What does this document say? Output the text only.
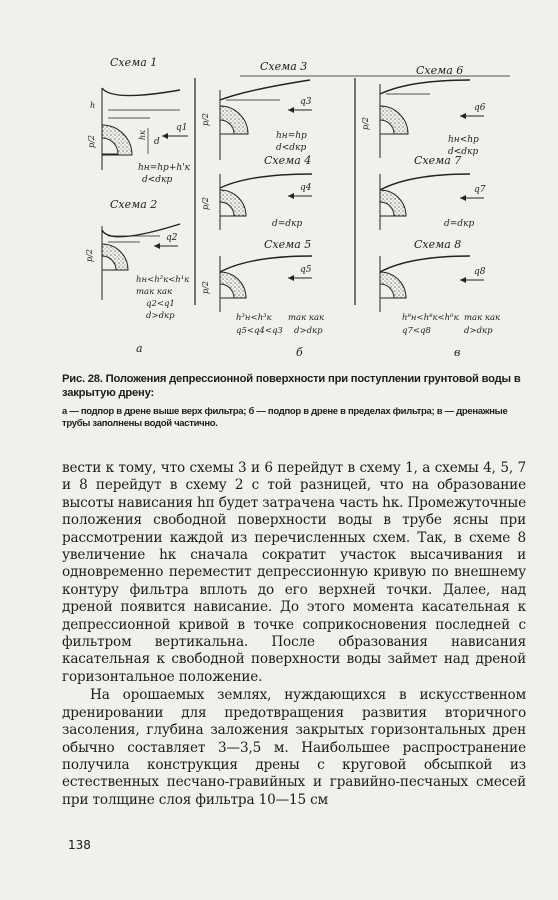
Схема 1
h
р/2	d
hк
q1
hн=hр+h'к
d<dкр
Схема 2
р/2
q2
hн<h²к<h¹к
так как
q2<q1
d>dкр
Схема 3
р/2
q3
hн=hр
d<dкр
Схема 4
р/2
q4
d=dкр
Схема 5
р/2
q5
h³н<h³к так как
q5<q4<q3 d>dкр
Схема 6
р/2
q6
hн<hр
d<dкр
Схема 7
q7
d=dкр
Схема 8
q8
h⁸н<h⁸к<h⁶к так как
q7<q8	d>dкр
а	б	в

Рис. 28. Положения депрессионной поверхности при поступлении грунтовой воды в закрытую дрену:

а — подпор в дрене выше верх фильтра; б — подпор в дрене в пределах фильтра; в — дренажные трубы заполнены водой частично.

вести к тому, что схемы 3 и 6 перейдут в схему 1, а схемы 4, 5, 7 и 8 перейдут в схему 2 с той разницей, что на образование высоты нависания hп будет затрачена часть hк. Промежуточные положения свободной поверхности воды в трубе ясны при рассмотрении каждой из перечисленных схем. Так, в схеме 8 увеличение hк сначала сократит участок высачивания и одновременно переместит депрессионную кривую по внешнему контуру фильтра вплоть до его верхней точки. Далее, над дреной появится нависание. До этого момента касательная к депрессионной кривой в точке соприкосновения последней с фильтром вертикальна. После образования нависания касательная к свободной поверхности воды займет над дреной горизонтальное положение.

На орошаемых землях, нуждающихся в искусственном дренировании для предотвращения развития вторичного засоления, глубина заложения закрытых горизонтальных дрен обычно составляет 3—3,5 м. Наибольшее распространение получила конструкция дрены с круговой обсыпкой из естественных песчано-гравийных и гравийно-песчаных смесей при толщине слоя фильтра 10—15 см

138
